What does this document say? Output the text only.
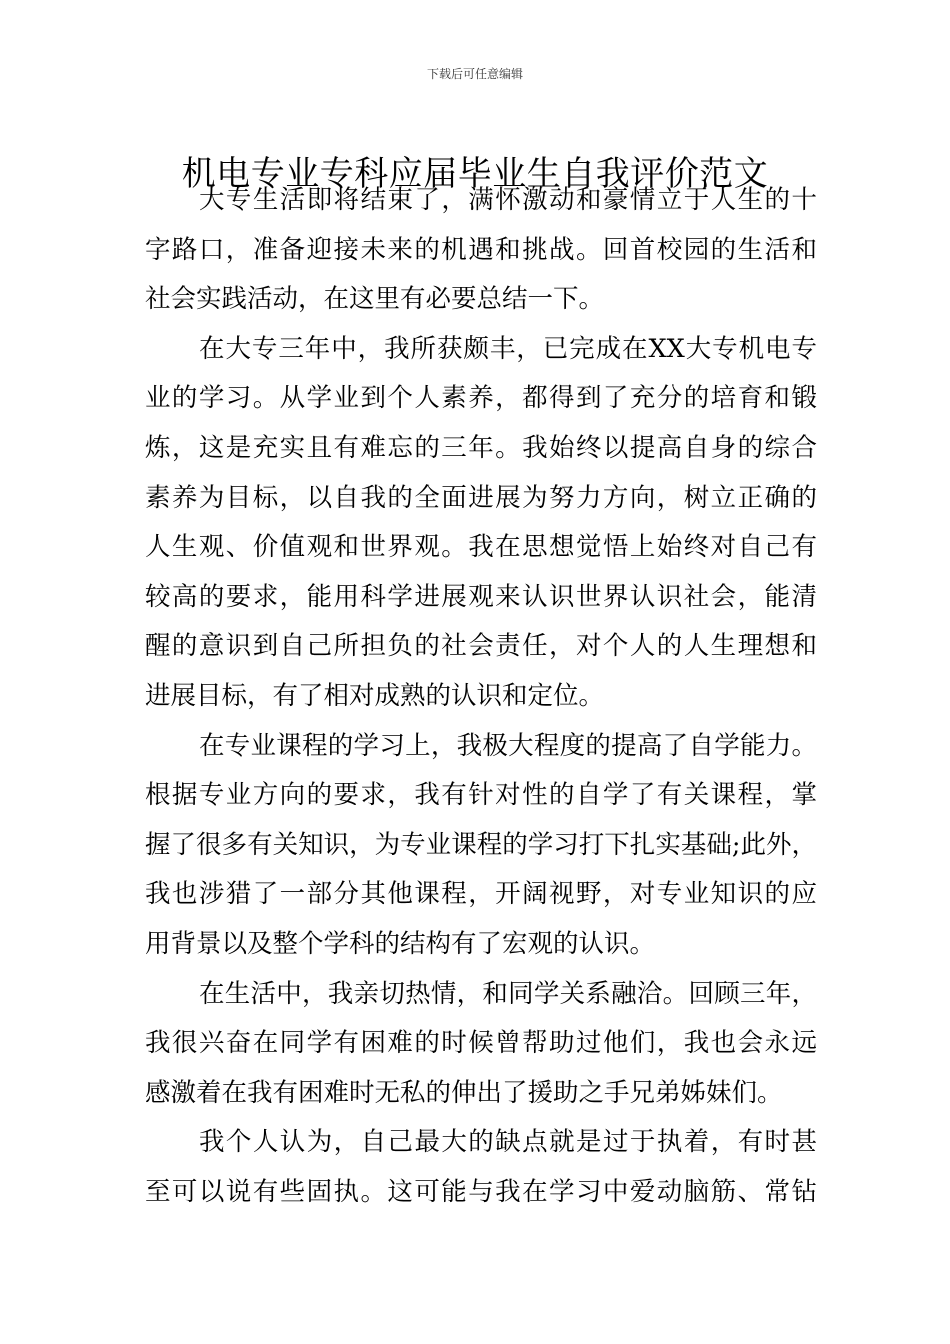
下载后可任意编辑
机电专业专科应届毕业生自我评价范文
大专生活即将结束了，满怀激动和豪情立于人生的十
字路口，准备迎接未来的机遇和挑战。回首校园的生活和
社会实践活动，在这里有必要总结一下。
在大专三年中，我所获颇丰，已完成在XX大专机电专
业的学习。从学业到个人素养，都得到了充分的培育和锻
炼，这是充实且有难忘的三年。我始终以提高自身的综合
素养为目标，以自我的全面进展为努力方向，树立正确的
人生观、价值观和世界观。我在思想觉悟上始终对自己有
较高的要求，能用科学进展观来认识世界认识社会，能清
醒的意识到自己所担负的社会责任，对个人的人生理想和
进展目标，有了相对成熟的认识和定位。
在专业课程的学习上，我极大程度的提高了自学能力。
根据专业方向的要求，我有针对性的自学了有关课程，掌
握了很多有关知识，为专业课程的学习打下扎实基础;此外，
我也涉猎了一部分其他课程，开阔视野，对专业知识的应
用背景以及整个学科的结构有了宏观的认识。
在生活中，我亲切热情，和同学关系融洽。回顾三年，
我很兴奋在同学有困难的时候曾帮助过他们，我也会永远
感激着在我有困难时无私的伸出了援助之手兄弟姊妹们。
我个人认为，自己最大的缺点就是过于执着，有时甚
至可以说有些固执。这可能与我在学习中爱动脑筋、常钻
